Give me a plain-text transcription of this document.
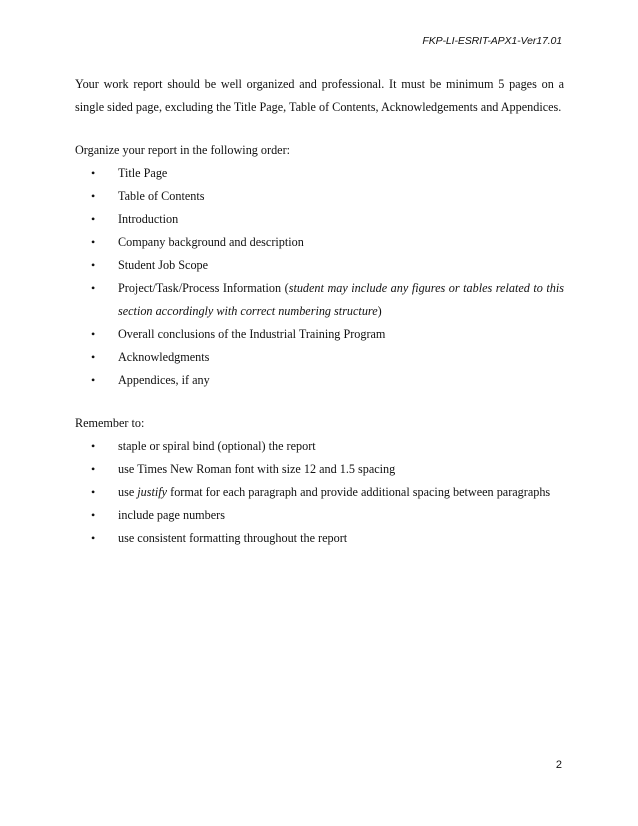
FKP-LI-ESRIT-APX1-Ver17.01

Your work report should be well organized and professional. It must be minimum 5 pages on a single sided page, excluding the Title Page, Table of Contents, Acknowledgements and Appendices.

Organize your report in the following order:

• Title Page
• Table of Contents
• Introduction
• Company background and description
• Student Job Scope
• Project/Task/Process Information (student may include any figures or tables related to this section accordingly with correct numbering structure)
• Overall conclusions of the Industrial Training Program
• Acknowledgments
• Appendices, if any

Remember to:

• staple or spiral bind (optional) the report
• use Times New Roman font with size 12 and 1.5 spacing
• use justify format for each paragraph and provide additional spacing between paragraphs
• include page numbers
• use consistent formatting throughout the report
2
